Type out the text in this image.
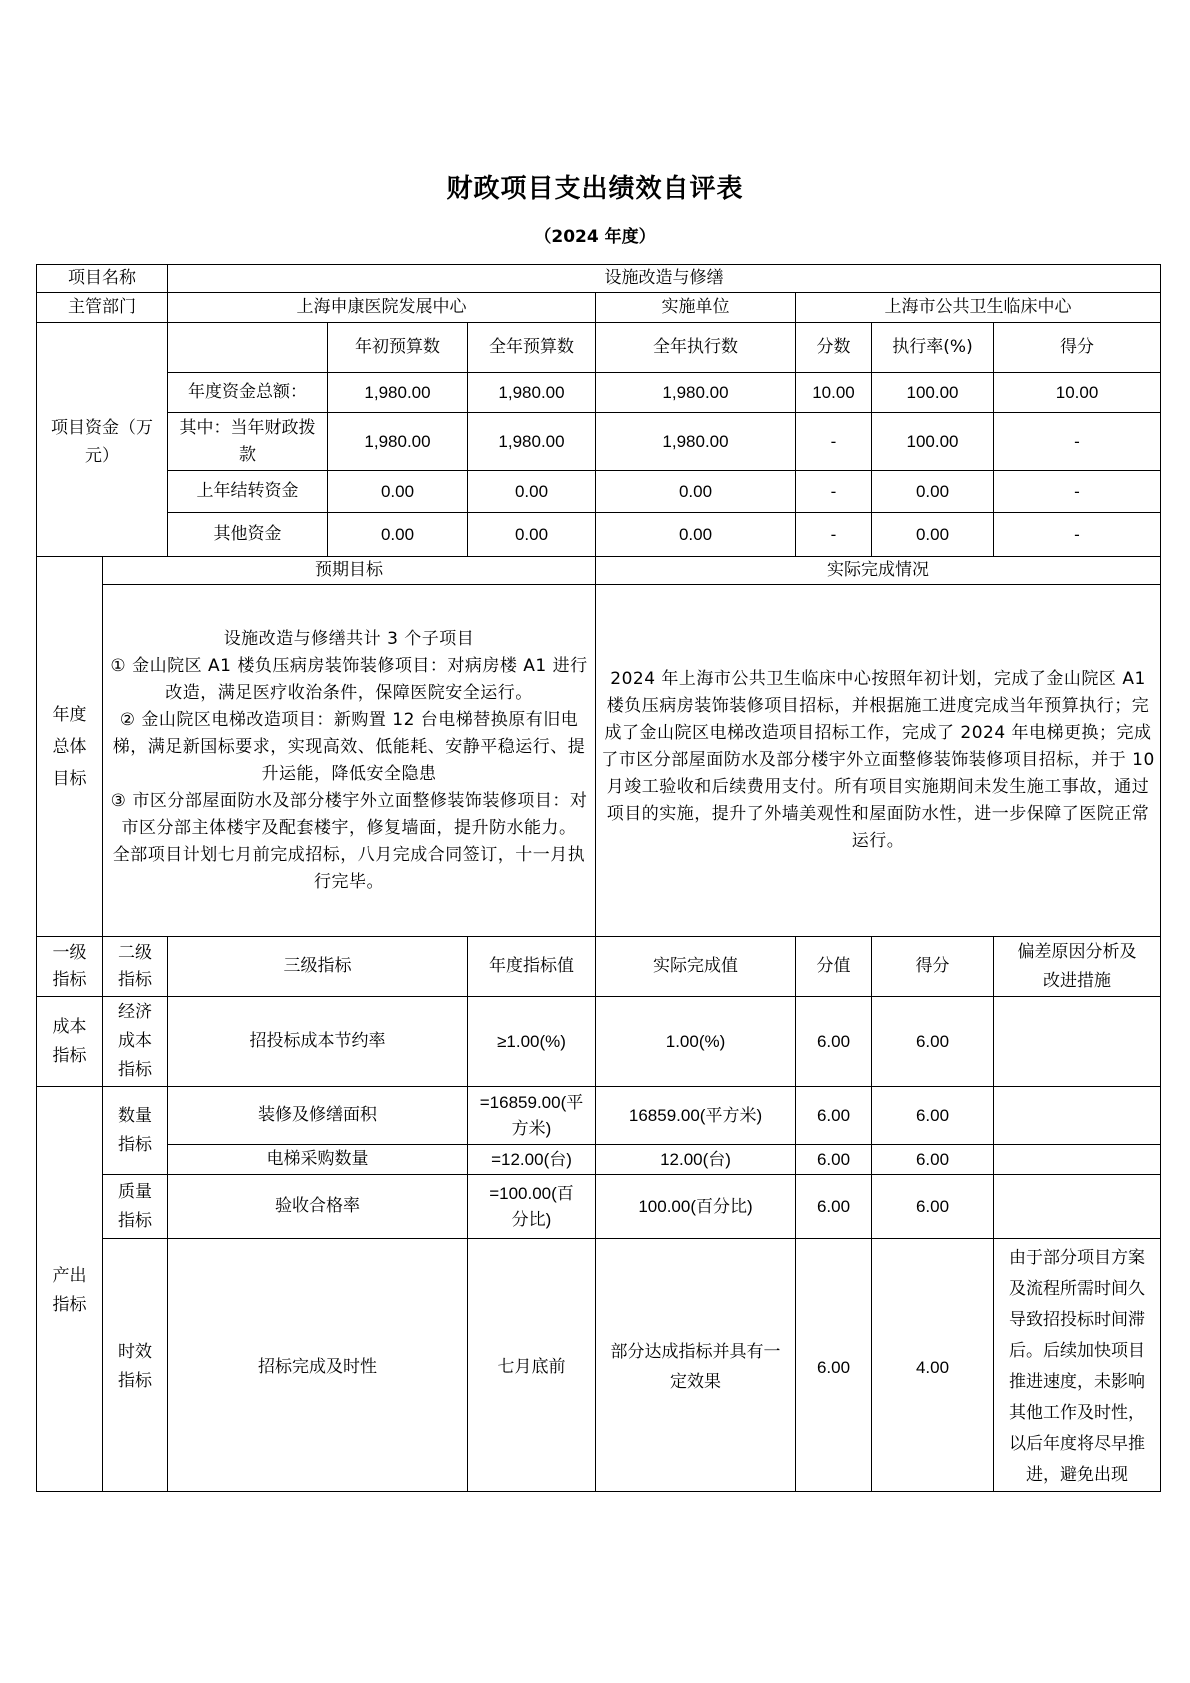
财政项目支出绩效自评表
（2024 年度）
项目名称		设施改造与修缮						
主管部门		上海申康医院发展中心			实施单位	上海市公共卫生临床中心		

项目资金（万元）			年初预算数	全年预算数	全年执行数	分数	执行率(%)	得分
		年度资金总额：	1,980.00	1,980.00	1,980.00	10.00	100.00	10.00
		其中：当年财政拨款	1,980.00	1,980.00	1,980.00	-	100.00	-
		上年结转资金	0.00	0.00	0.00	-	0.00	-
		其他资金	0.00	0.00	0.00	-	0.00	-

年度总体目标	预期目标				实际完成情况			

	设施改造与修缮共计 3 个子项目
① 金山院区 A1 楼负压病房装饰装修项目：对病房楼 A1 进行改造，满足医疗收治条件，保障医院安全运行。
② 金山院区电梯改造项目：新购置 12 台电梯替换原有旧电梯，满足新国标要求，实现高效、低能耗、安静平稳运行、提升运能，降低安全隐患
③ 市区分部屋面防水及部分楼宇外立面整修装饰装修项目：对市区分部主体楼宇及配套楼宇，修复墙面，提升防水能力。
全部项目计划七月前完成招标，八月完成合同签订，十一月执行完毕。				2024 年上海市公共卫生临床中心按照年初计划，完成了金山院区 A1 楼负压病房装饰装修项目招标，并根据施工进度完成当年预算执行；完成了金山院区电梯改造项目招标工作，完成了 2024 年电梯更换；完成了市区分部屋面防水及部分楼宇外立面整修装饰装修项目招标，并于 10 月竣工验收和后续费用支付。所有项目实施期间未发生施工事故，通过项目的实施，提升了外墙美观性和屋面防水性，进一步保障了医院正常运行。			

一级指标	二级指标	三级指标		年度指标值	实际完成值	分值	得分	偏差原因分析及改进措施

成本指标	经济成本指标	招投标成本节约率		≥1.00(%)	1.00(%)	6.00	6.00	

产出指标	数量指标	装修及修缮面积		=16859.00(平方米)	16859.00(平方米)	6.00	6.00	
		电梯采购数量		=12.00(台)	12.00(台)	6.00	6.00	

	质量指标	验收合格率		=100.00(百分比)	100.00(百分比)	6.00	6.00	

	时效指标	招标完成及时性		七月底前	部分达成指标并具有一定效果	6.00	4.00	由于部分项目方案及流程所需时间久导致招投标时间滞后。后续加快项目推进速度，未影响其他工作及时性，以后年度将尽早推进，避免出现
